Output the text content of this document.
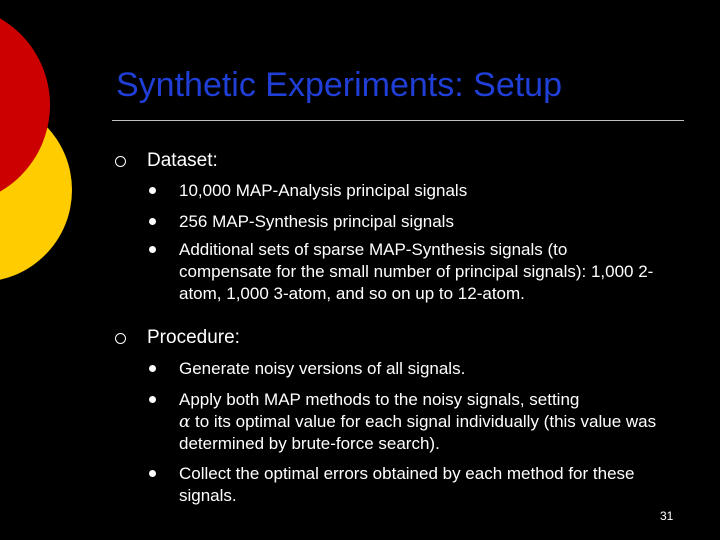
Synthetic Experiments: Setup
Dataset:
10,000 MAP-Analysis principal signals
256 MAP-Synthesis principal signals
Additional sets of sparse MAP-Synthesis signals (to compensate for the small number of principal signals): 1,000 2-atom, 1,000 3-atom, and so on up to 12-atom.
Procedure:
Generate noisy versions of all signals.
Apply both MAP methods to the noisy signals, setting
α to its optimal value for each signal individually (this value was determined by brute-force search).
Collect the optimal errors obtained by each method for these signals.
31
